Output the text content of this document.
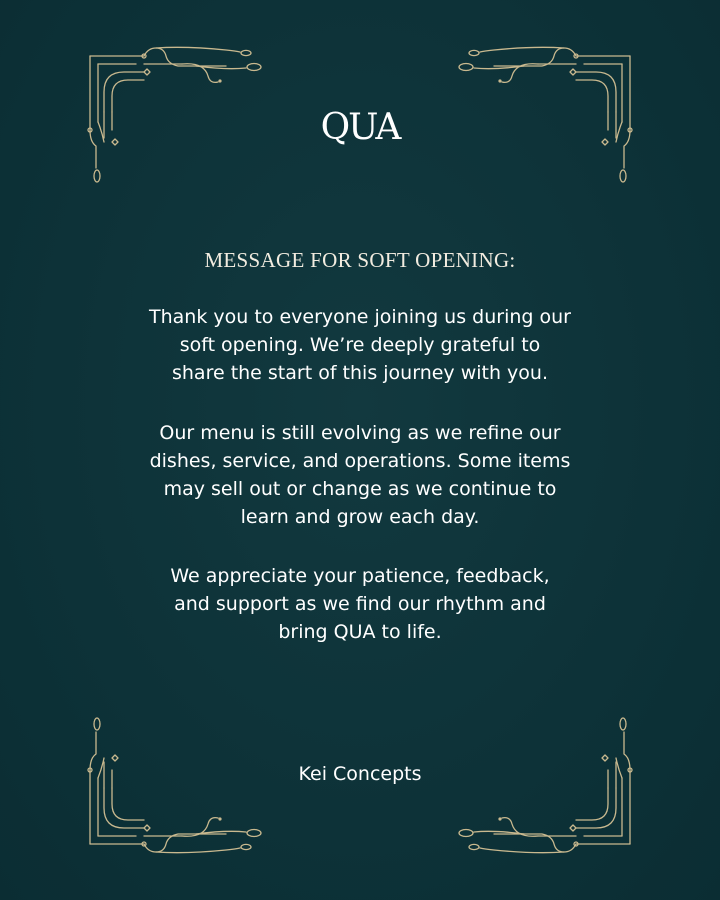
QUA
MESSAGE FOR SOFT OPENING:

Thank you to everyone joining us during our
soft opening. We’re deeply grateful to
share the start of this journey with you.

Our menu is still evolving as we refine our
dishes, service, and operations. Some items
may sell out or change as we continue to
learn and grow each day.

We appreciate your patience, feedback,
and support as we find our rhythm and
bring QUA to life.

Kei Concepts
